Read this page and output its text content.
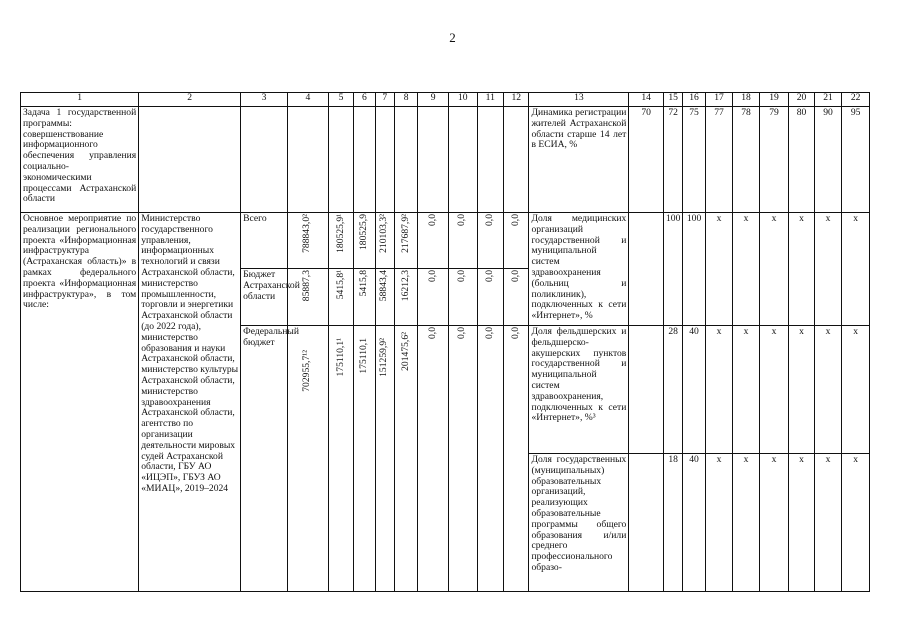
2
1	2	3	4	5	6	7	8	9	10	11	12	13	14	15	16	17	18	19	20	21	22
Задача 1 государственной программы: совершенствование информационного обеспечения управления социально-экономическими процессами Астраханской области												Динамика регистрации жителей Астраханской области старше 14 лет в ЕСИА, %	70	72	75	77	78	79	80	90	95
Основное мероприятие по реализации регионального проекта «Информационная инфраструктура (Астраханская область)» в рамках федерального проекта «Информационная инфраструктура», в том числе:	Министерство государственного управления, информационных технологий и связи Астраханской области, министерство промышленности, торговли и энергетики Астраханской области (до 2022 года), министерство образования и науки Астраханской области, министерство культуры Астраханской области, министерство здравоохранения Астраханской области, агентство по организации деятельности мировых судей Астраханской области, ГБУ АО «ИЦЭП», ГБУЗ АО «МИАЦ», 2019–2024	Всего	78884З,0²	180525,9¹	180525,9	210103,3²	217687,9²	0,0	0,0	0,0	0,0	Доля медицинских организаций государственной и муниципальной систем здравоохранения (больниц и поликлиник), подключенных к сети «Интернет», %		100	100	х	х	х	х	х	х
		Бюджет Астраханской области	85887,3	5415,8¹	5415,8	58843,4	16212,3	0,0	0,0	0,0	0,0										
		Федеральный бюджет	702955,7¹²	175110,1¹	175110,1	151259,9²	201475,6²	0,0	0,0	0,0	0,0	Доля фельдшерских и фельдшерско-акушерских пунктов государственной и муниципальной систем здравоохранения, подключенных к сети «Интернет», %³		28	40	х	х	х	х	х	х
												Доля государственных (муниципальных) образовательных организаций, реализующих образовательные программы общего образования и/или среднего профессионального образо-		18	40	х	х	х	х	х	х
